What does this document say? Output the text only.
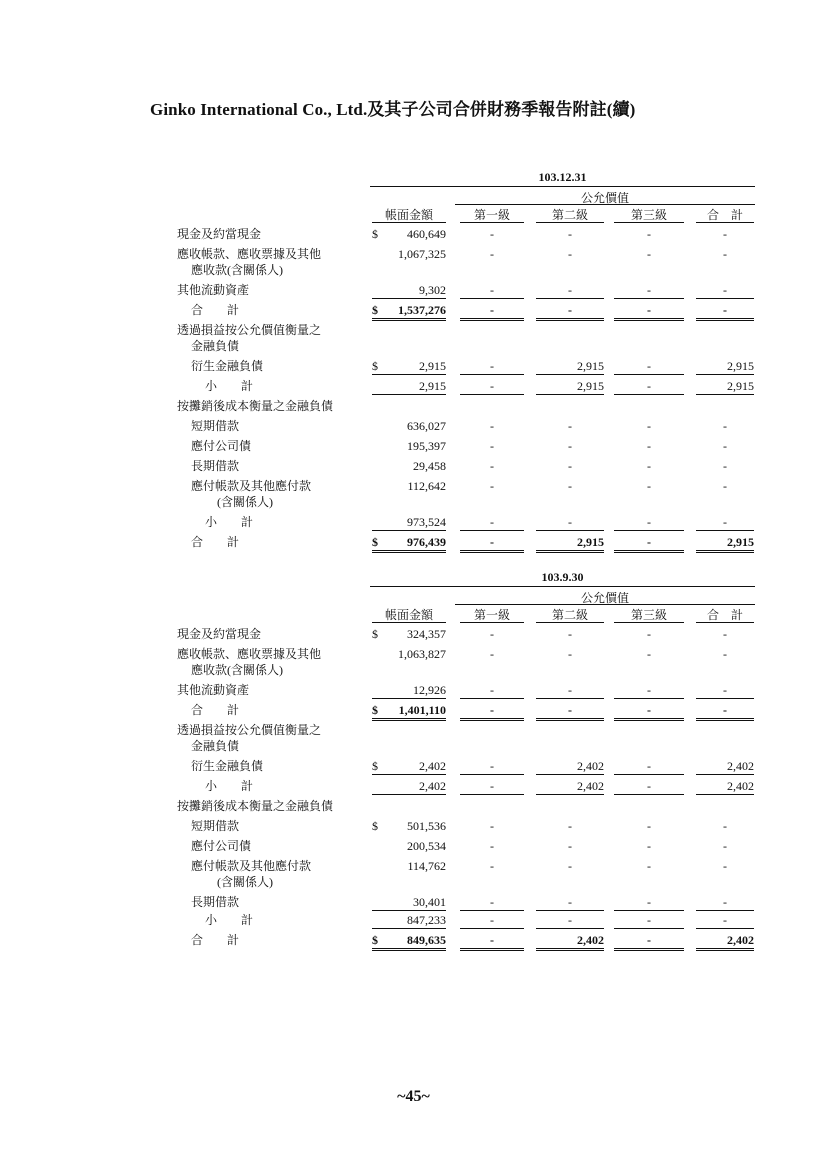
Ginko International Co., Ltd.及其子公司合併財務季報告附註(續)
103.12.31
公允價值
帳面金額	第一級	第二級	第三級	合　計
現金及約當現金	$ 460,649	-	-	-	-
應收帳款、應收票據及其他
應收款(含關係人)
1,067,325	-	-	-	-
其他流動資產	9,302	-	-	-	-
合　　計	$ 1,537,276	-	-	-	-
透過損益按公允價值衡量之
金融負債
衍生金融負債	$	2,915	-	2,915	-	2,915
小　　計	2,915	-	2,915	-	2,915
按攤銷後成本衡量之金融負債
短期借款	636,027	-	-	-	-
應付公司債	195,397	-	-	-	-
長期借款	29,458	-	-	-	-
應付帳款及其他應付款
　(含關係人)
112,642	-	-	-	-
小　　計	973,524	-	-	-	-
合　　計	$ 976,439	-	2,915	-	2,915
103.9.30
公允價值
帳面金額	第一級	第二級	第三級	合　計
現金及約當現金	$ 324,357	-	-	-	-
應收帳款、應收票據及其他
應收款(含關係人)
1,063,827	-	-	-	-
其他流動資產	12,926	-	-	-	-
合　　計	$ 1,401,110	-	-	-	-
透過損益按公允價值衡量之
金融負債
衍生金融負債	$	2,402	-	2,402	-	2,402
小　　計	2,402	-	2,402	-	2,402
按攤銷後成本衡量之金融負債
短期借款	$ 501,536	-	-	-	-
應付公司債	200,534	-	-	-	-
應付帳款及其他應付款
　(含關係人)
114,762	-	-	-	-
長期借款	30,401	-	-	-	-
小　　計	847,233	-	-	-	-
合　　計	$ 849,635	-	2,402	-	2,402
~45~
